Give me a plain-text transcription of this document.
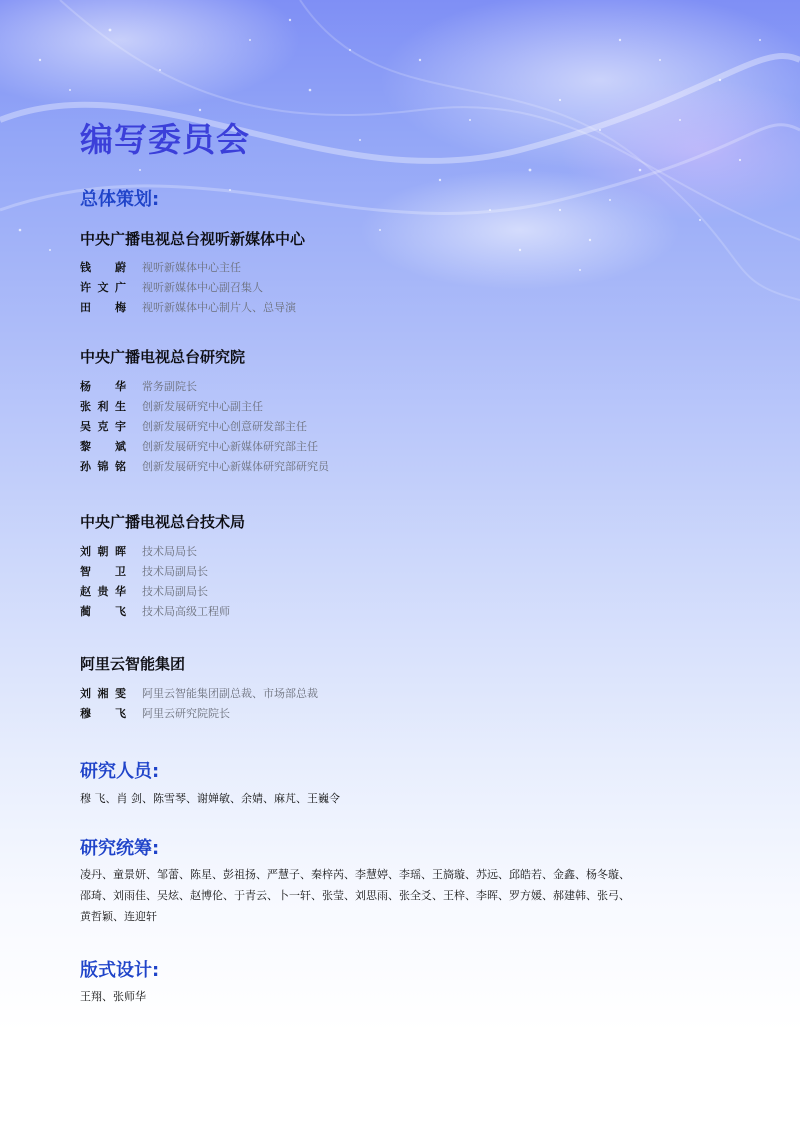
编写委员会
总体策划:
中央广播电视总台视听新媒体中心
钱 蔚 视听新媒体中心主任
许文广 视听新媒体中心副召集人
田 梅 视听新媒体中心制片人、总导演
中央广播电视总台研究院
杨 华 常务副院长
张利生 创新发展研究中心副主任
吴克宇 创新发展研究中心创意研发部主任
黎 斌 创新发展研究中心新媒体研究部主任
孙锦铭 创新发展研究中心新媒体研究部研究员
中央广播电视总台技术局
刘朝晖 技术局局长
智 卫 技术局副局长
赵贵华 技术局副局长
蔺 飞 技术局高级工程师
阿里云智能集团
刘湘雯 阿里云智能集团副总裁、市场部总裁
穆 飞 阿里云研究院院长
研究人员:
穆 飞、肖 剑、陈雪琴、谢婵敏、余婧、麻芃、王巍令
研究统筹:
凌丹、童景妍、邹蕾、陈星、彭祖扬、严慧子、秦梓芮、李慧婷、李瑶、王旖璇、苏远、邱皓若、金鑫、杨冬璇、
邵琦、刘雨佳、吴炫、赵博伦、于青云、卜一轩、张莹、刘思雨、张全爻、王梓、李晖、罗方媛、郝建韩、张弓、
黄哲颖、连迎轩
版式设计:
王翔、张师华
